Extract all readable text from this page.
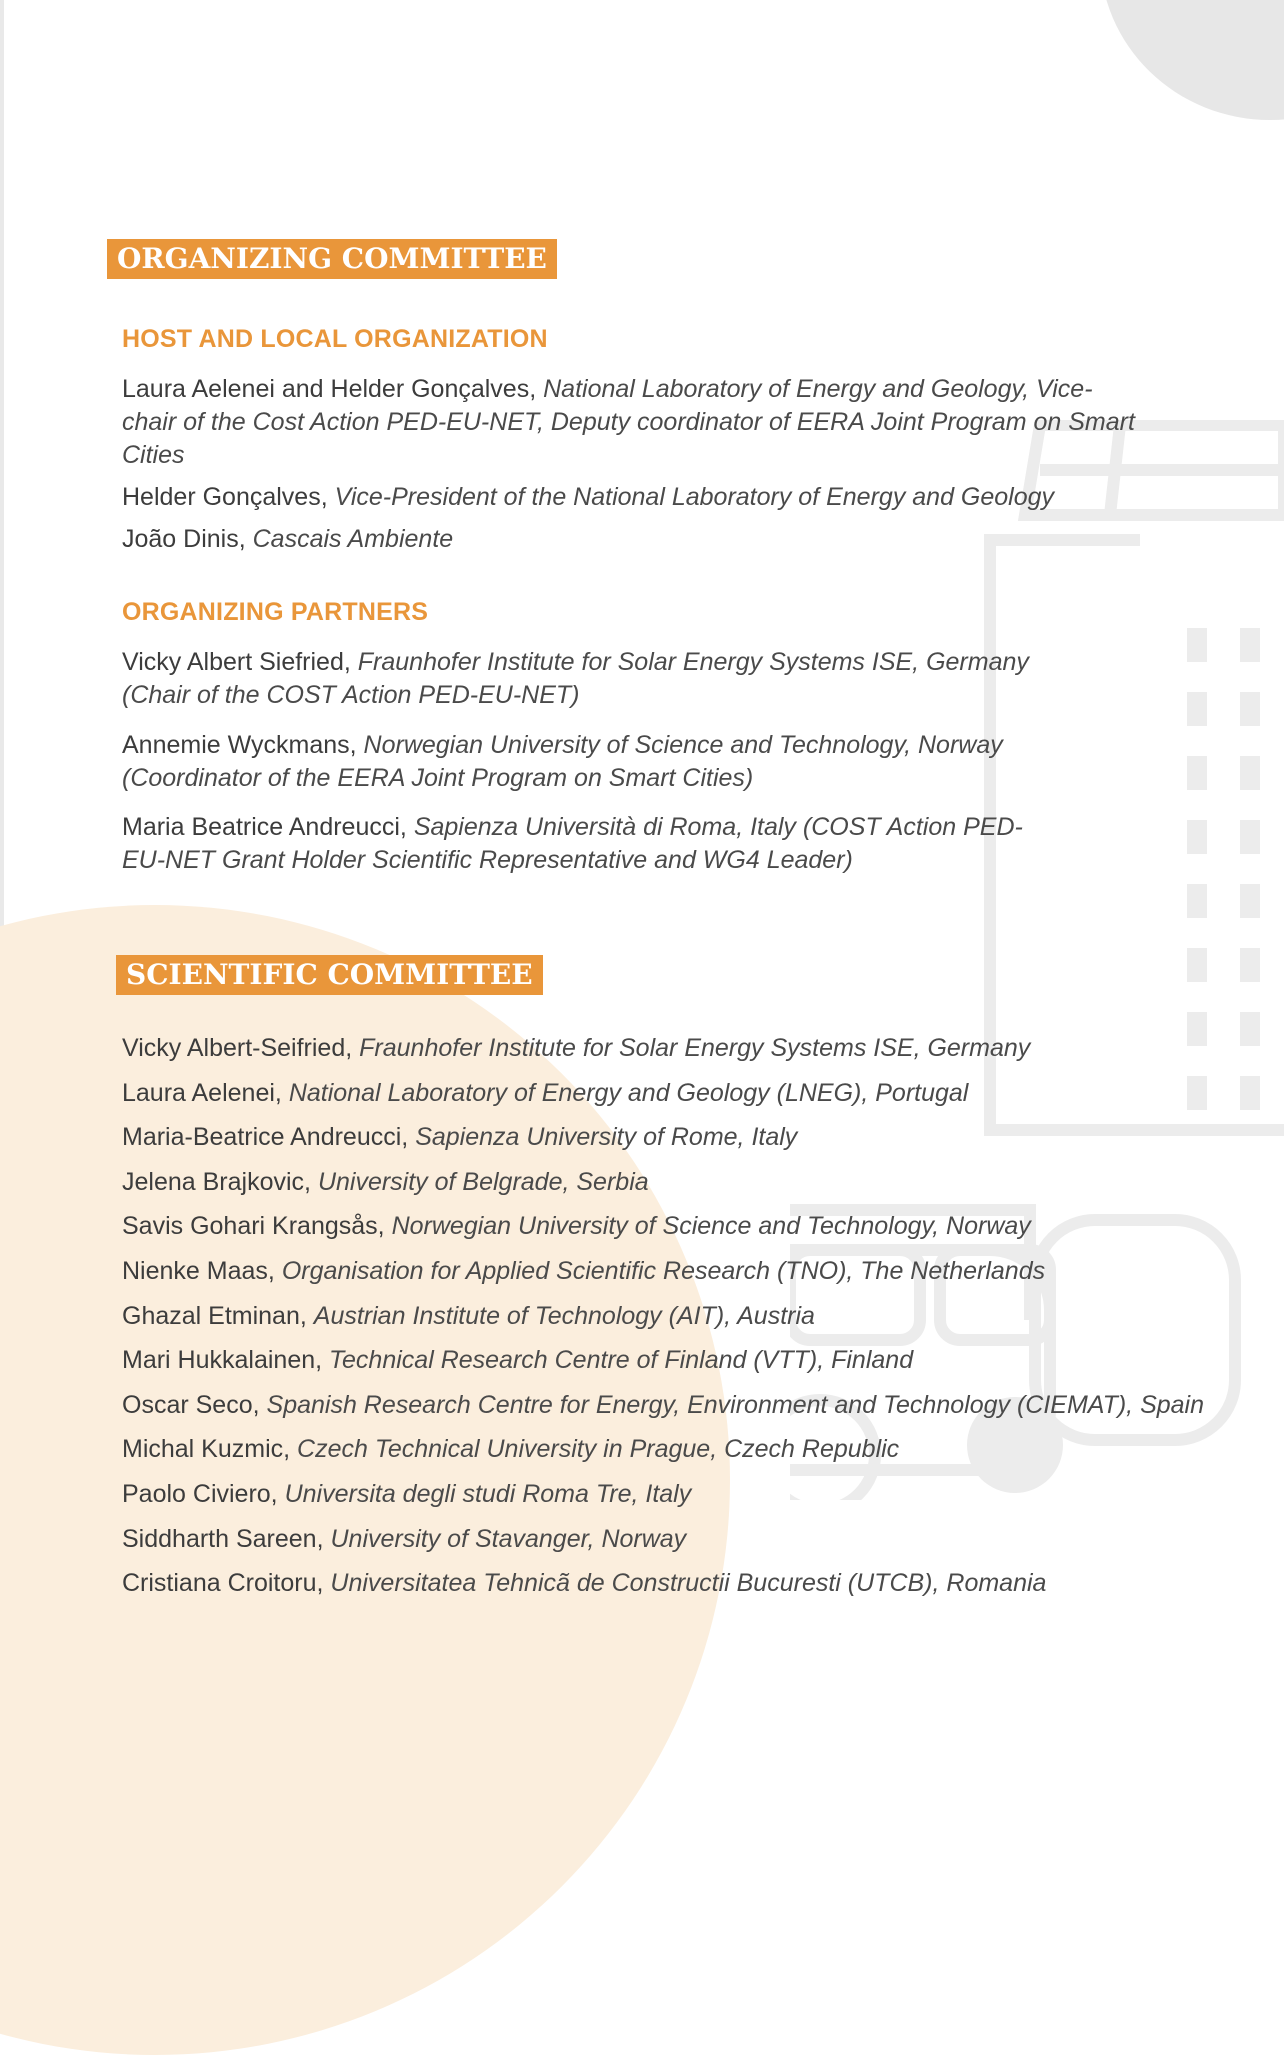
ORGANIZING COMMITTEE
HOST AND LOCAL ORGANIZATION
Laura Aelenei and Helder Gonçalves, National Laboratory of Energy and Geology, Vice-chair of the Cost Action PED-EU-NET, Deputy coordinator of EERA Joint Program on Smart Cities
Helder Gonçalves, Vice-President of the National Laboratory of Energy and Geology
João Dinis, Cascais Ambiente
ORGANIZING PARTNERS
Vicky Albert Siefried, Fraunhofer Institute for Solar Energy Systems ISE, Germany (Chair of the COST Action PED-EU-NET)
Annemie Wyckmans, Norwegian University of Science and Technology, Norway (Coordinator of the EERA Joint Program on Smart Cities)
Maria Beatrice Andreucci, Sapienza Università di Roma, Italy (COST Action PED-EU-NET Grant Holder Scientific Representative and WG4 Leader)
SCIENTIFIC COMMITTEE
Vicky Albert-Seifried, Fraunhofer Institute for Solar Energy Systems ISE, Germany
Laura Aelenei, National Laboratory of Energy and Geology (LNEG), Portugal
Maria-Beatrice Andreucci, Sapienza University of Rome, Italy
Jelena Brajkovic, University of Belgrade, Serbia
Savis Gohari Krangsås, Norwegian University of Science and Technology, Norway
Nienke Maas, Organisation for Applied Scientific Research (TNO), The Netherlands
Ghazal Etminan, Austrian Institute of Technology (AIT), Austria
Mari Hukkalainen, Technical Research Centre of Finland (VTT), Finland
Oscar Seco, Spanish Research Centre for Energy, Environment and Technology (CIEMAT), Spain
Michal Kuzmic, Czech Technical University in Prague, Czech Republic
Paolo Civiero, Universita degli studi Roma Tre, Italy
Siddharth Sareen, University of Stavanger, Norway
Cristiana Croitoru, Universitatea Tehnicã de Constructii Bucuresti (UTCB), Romania
